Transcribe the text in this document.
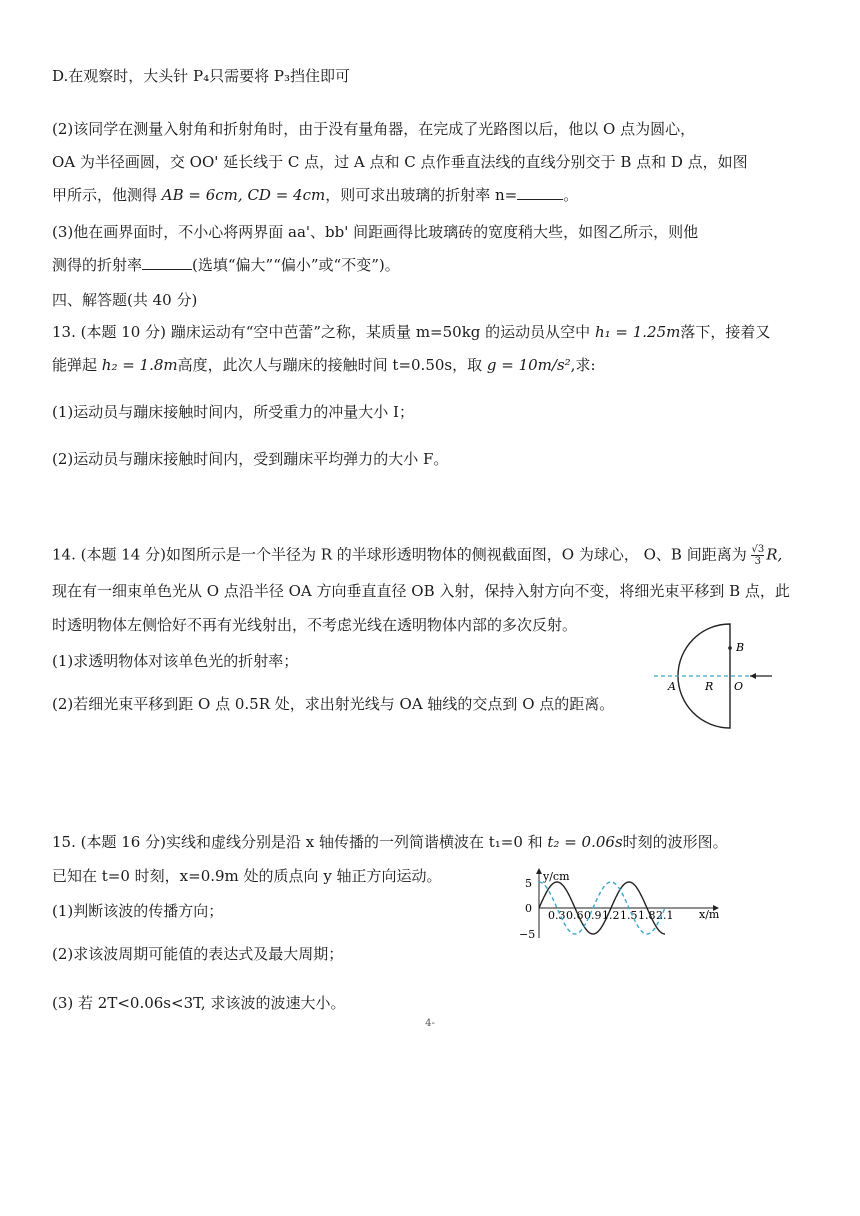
D.在观察时，大头针 P₄只需要将 P₃挡住即可
(2)该同学在测量入射角和折射角时，由于没有量角器，在完成了光路图以后，他以 O 点为圆心，
OA 为半径画圆，交 OO' 延长线于 C 点，过 A 点和 C 点作垂直法线的直线分别交于 B 点和 D 点，如图
甲所示，他测得 AB = 6cm, CD = 4cm，则可求出玻璃的折射率 n=	。
(3)他在画界面时，不小心将两界面 aa'、bb' 间距画得比玻璃砖的宽度稍大些，如图乙所示，则他
测得的折射率	(选填“偏大”“偏小”或“不变”)。
四、解答题(共 40 分)
13. (本题 10 分) 蹦床运动有“空中芭蕾”之称，某质量 m=50kg 的运动员从空中 h₁ = 1.25m落下，接着又
能弹起 h₂ = 1.8m高度，此次人与蹦床的接触时间 t=0.50s，取 g = 10m/s²,求:
(1)运动员与蹦床接触时间内，所受重力的冲量大小 I；
(2)运动员与蹦床接触时间内，受到蹦床平均弹力的大小 F。
14. (本题 14 分)如图所示是一个半径为 R 的半球形透明物体的侧视截面图，O 为球心， O、B 间距离为 $\frac{√3}{3} R$,
现在有一细束单色光从 O 点沿半径 OA 方向垂直直径 OB 入射，保持入射方向不变，将细光束平移到 B 点，此
时透明物体左侧恰好不再有光线射出，不考虑光线在透明物体内部的多次反射。
(1)求透明物体对该单色光的折射率；
(2)若细光束平移到距 O 点 0.5R 处，求出射光线与 OA 轴线的交点到 O 点的距离。
B
A	R O
15. (本题 16 分)实线和虚线分别是沿 x 轴传播的一列简谐横波在 t₁=0 和 t₂ = 0.06s时刻的波形图。
已知在 t=0 时刻，x=0.9m 处的质点向 y 轴正方向运动。
(1)判断该波的传播方向；
(2)求该波周期可能值的表达式及最大周期；
(3) 若 2T<0.06s<3T, 求该波的波速大小。
y/cm
x/m
5
0
−5
0.3 0.6 0.9 1.2 1.5 1.8 2.1
4-
